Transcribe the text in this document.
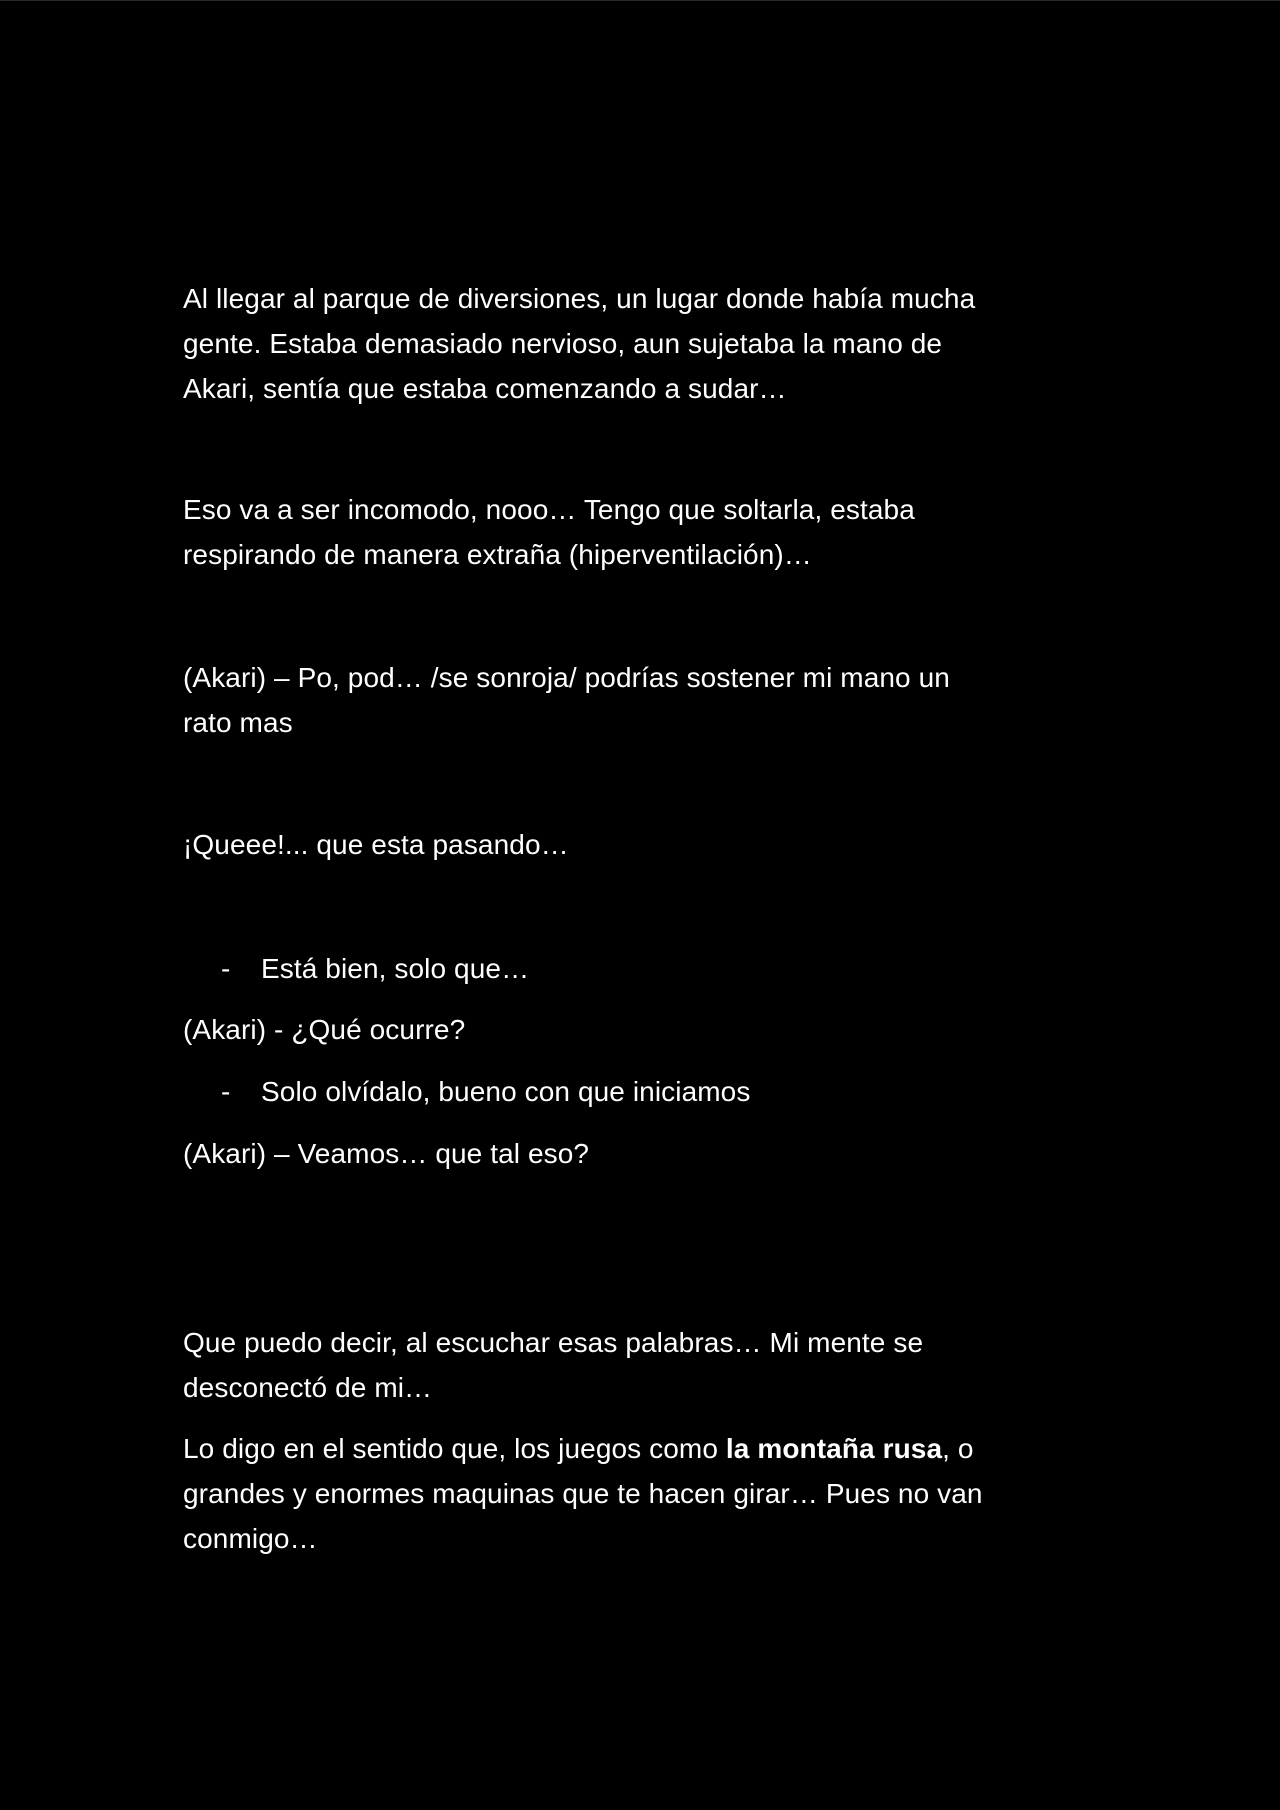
Al llegar al parque de diversiones, un lugar donde había mucha
gente. Estaba demasiado nervioso, aun sujetaba la mano de
Akari, sentía que estaba comenzando a sudar…

Eso va a ser incomodo, nooo… Tengo que soltarla, estaba
respirando de manera extraña (hiperventilación)…

(Akari) – Po, pod… /se sonroja/ podrías sostener mi mano un
rato mas

¡Queee!... que esta pasando…

- Está bien, solo que…

(Akari) - ¿Qué ocurre?

- Solo olvídalo, bueno con que iniciamos

(Akari) – Veamos… que tal eso?

Que puedo decir, al escuchar esas palabras… Mi mente se
desconectó de mi…

Lo digo en el sentido que, los juegos como la montaña rusa, o
grandes y enormes maquinas que te hacen girar… Pues no van
conmigo…
